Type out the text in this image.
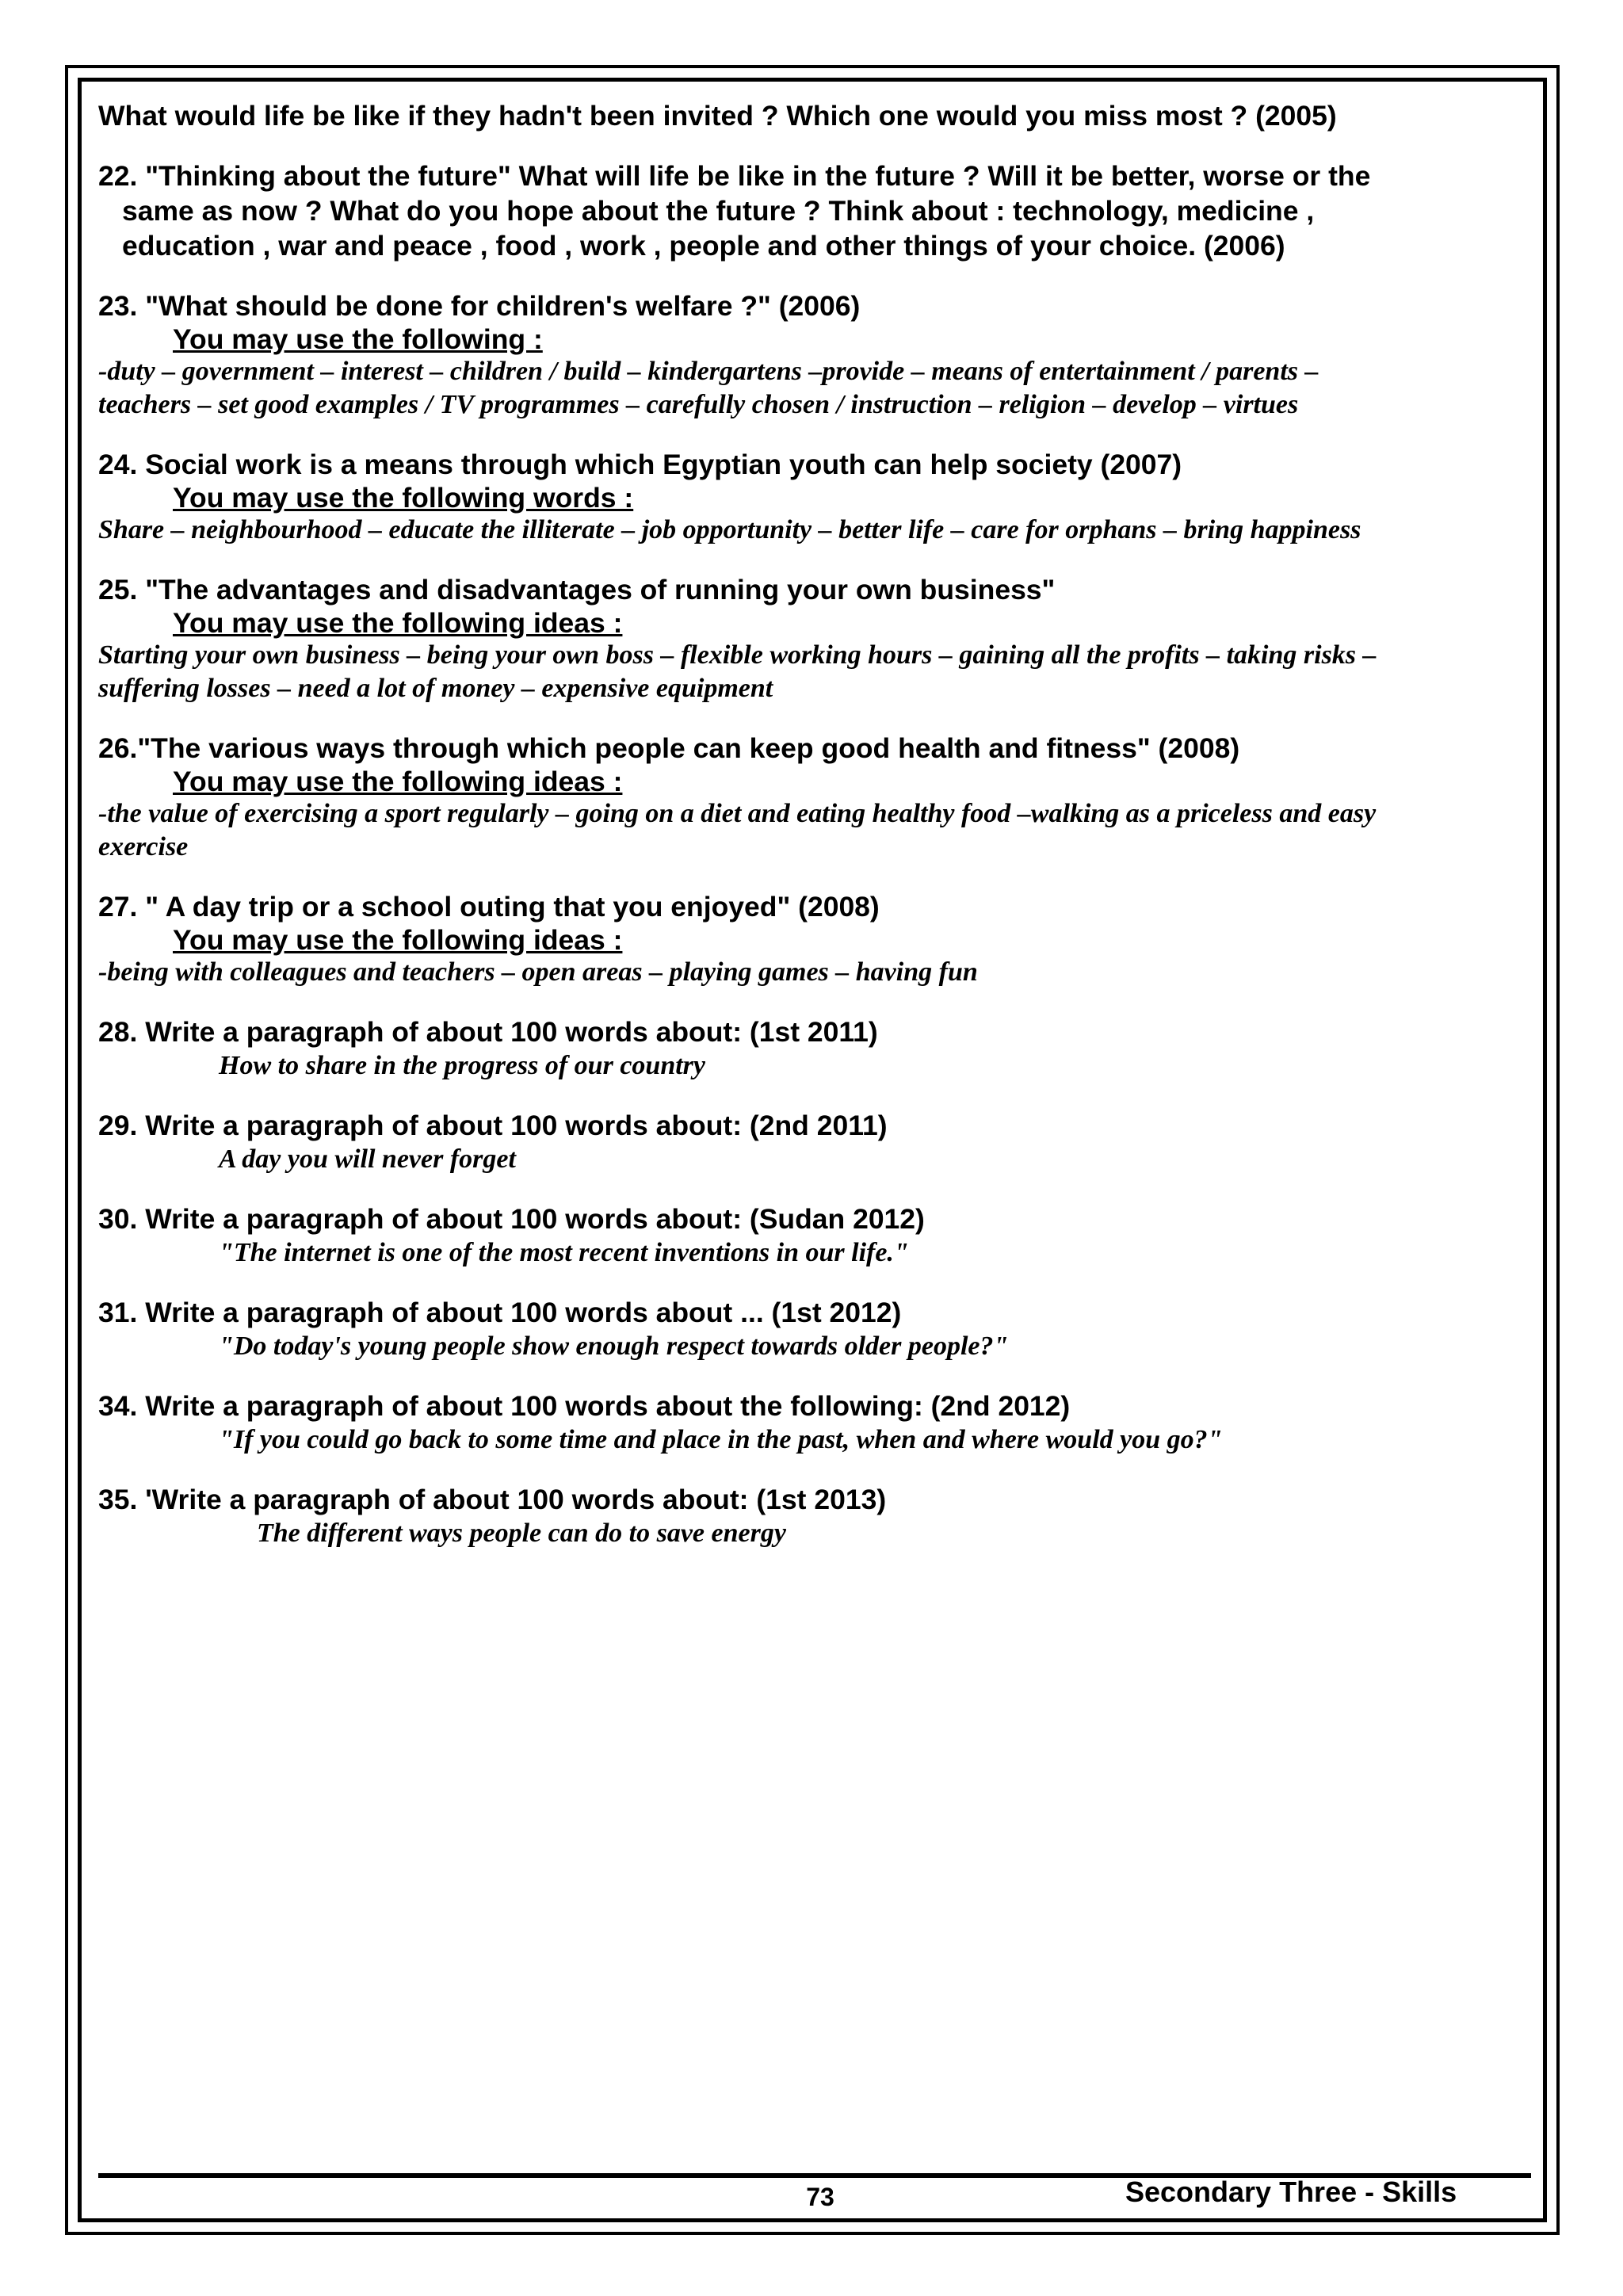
What would life be like if they hadn't been invited ? Which one would you miss most ? (2005)
22. "Thinking about the future" What will life be like in the future ? Will it be better, worse or the
same as now ? What do you hope about the future ? Think about : technology, medicine ,
education , war and peace , food , work , people and other things of your choice. (2006)
23. "What should be done for children's welfare ?" (2006)
You may use the following :
-duty – government – interest – children / build – kindergartens –provide – means of entertainment / parents –
teachers – set good examples / TV programmes – carefully chosen / instruction – religion – develop – virtues
24. Social work is a means through which Egyptian youth can help society (2007)
You may use the following words :
Share – neighbourhood – educate the illiterate – job opportunity – better life – care for orphans – bring happiness
25. "The advantages and disadvantages of running your own business"
You may use the following ideas :
Starting your own business – being your own boss – flexible working hours – gaining all the profits – taking risks –
suffering losses – need a lot of money – expensive equipment
26."The various ways through which people can keep good health and fitness" (2008)
You may use the following ideas :
-the value of exercising a sport regularly – going on a diet and eating healthy food –walking as a priceless and easy
exercise
27. " A day trip or a school outing that you enjoyed" (2008)
You may use the following ideas :
-being with colleagues and teachers – open areas – playing games – having fun
28. Write a paragraph of about 100 words about: (1st 2011)
How to share in the progress of our country
29. Write a paragraph of about 100 words about: (2nd 2011)
A day you will never forget
30. Write a paragraph of about 100 words about: (Sudan 2012)
"The internet is one of the most recent inventions in our life."
31. Write a paragraph of about 100 words about ... (1st 2012)
"Do today's young people show enough respect towards older people?"
34. Write a paragraph of about 100 words about the following: (2nd 2012)
"If you could go back to some time and place in the past, when and where would you go?"
35. 'Write a paragraph of about 100 words about: (1st 2013)
The different ways people can do to save energy
73	Secondary Three - Skills
